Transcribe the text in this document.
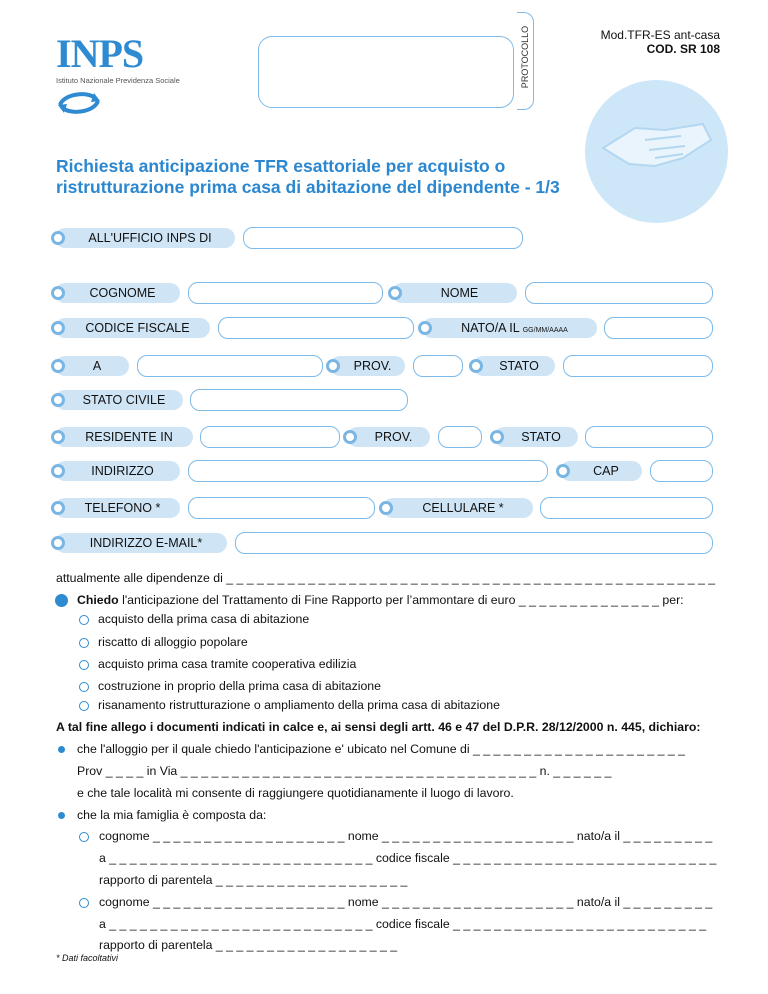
INPS
Istituto Nazionale Previdenza Sociale	PROTOCOLLO	Mod.TFR-ES ant-casa
COD. SR 108
Richiesta anticipazione TFR esattoriale per acquisto o ristrutturazione prima casa di abitazione del dipendente - 1/3
ALL'UFFICIO INPS DI
COGNOME	NOME
CODICE FISCALE	NATO/A IL GG/MM/AAAA
A	PROV.	STATO
STATO CIVILE
RESIDENTE IN	PROV.	STATO
INDIRIZZO	CAP
TELEFONO *	CELLULARE *
INDIRIZZO E-MAIL*
attualmente alle dipendenze di _ _ _ _ _ _ _ _ _ _ _ _ _ _ _ _ _ _ _ _ _ _ _ _ _ _ _ _ _ _ _ _ _ _ _ _ _ _ _ _ _ _ _ _ _ _ _ _
Chiedo l'anticipazione del Trattamento di Fine Rapporto per l’ammontare di euro _ _ _ _ _ _ _ _ _ _ _ _ _ _ per:
acquisto della prima casa di abitazione
riscatto di alloggio popolare
acquisto prima casa tramite cooperativa edilizia
costruzione in proprio della prima casa di abitazione
risanamento ristrutturazione o ampliamento della prima casa di abitazione
A tal fine allego i documenti indicati in calce e, ai sensi degli artt. 46 e 47 del D.P.R. 28/12/2000 n. 445, dichiaro:
che l'alloggio per il quale chiedo l'anticipazione e' ubicato nel Comune di _ _ _ _ _ _ _ _ _ _ _ _ _ _ _ _ _ _ _ _ _
Prov _ _ _ _ in Via _ _ _ _ _ _ _ _ _ _ _ _ _ _ _ _ _ _ _ _ _ _ _ _ _ _ _ _ _ _ _ _ _ _ _ n. _ _ _ _ _ _
e che tale località mi consente di raggiungere quotidianamente il luogo di lavoro.
che la mia famiglia è composta da:
cognome _ _ _ _ _ _ _ _ _ _ _ _ _ _ _ _ _ _ _ nome _ _ _ _ _ _ _ _ _ _ _ _ _ _ _ _ _ _ _ nato/a il _ _ _ _ _ _ _ _ _
a _ _ _ _ _ _ _ _ _ _ _ _ _ _ _ _ _ _ _ _ _ _ _ _ _ _ codice fiscale _ _ _ _ _ _ _ _ _ _ _ _ _ _ _ _ _ _ _ _ _ _ _ _ _ _
rapporto di parentela _ _ _ _ _ _ _ _ _ _ _ _ _ _ _ _ _ _ _
cognome _ _ _ _ _ _ _ _ _ _ _ _ _ _ _ _ _ _ _ nome _ _ _ _ _ _ _ _ _ _ _ _ _ _ _ _ _ _ _ nato/a il _ _ _ _ _ _ _ _ _
a _ _ _ _ _ _ _ _ _ _ _ _ _ _ _ _ _ _ _ _ _ _ _ _ _ _ codice fiscale _ _ _ _ _ _ _ _ _ _ _ _ _ _ _ _ _ _ _ _ _ _ _ _ _
rapporto di parentela _ _ _ _ _ _ _ _ _ _ _ _ _ _ _ _ _ _
* Dati facoltativi
